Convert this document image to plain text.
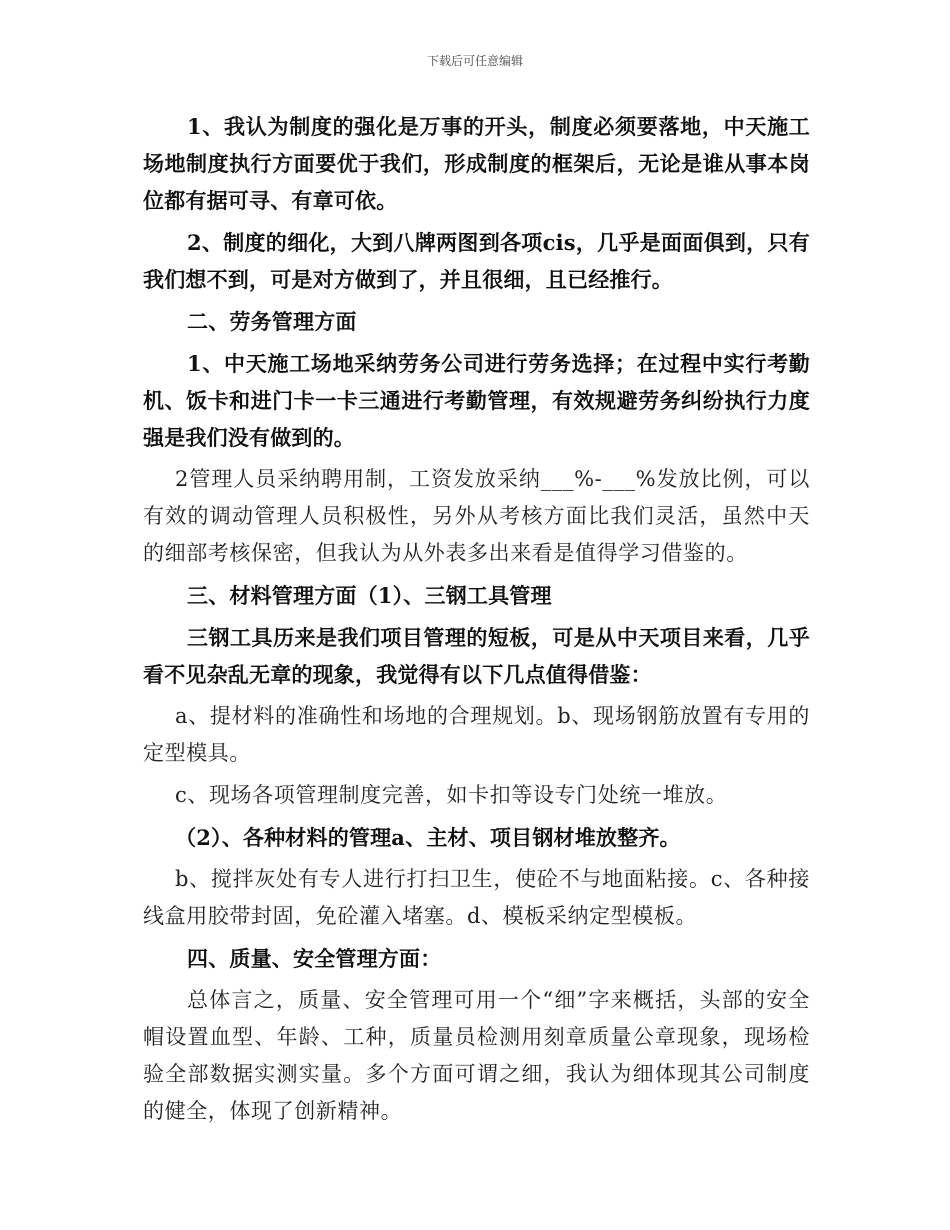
下载后可任意编辑

1、我认为制度的强化是万事的开头，制度必须要落地，中天施工场地制度执行方面要优于我们，形成制度的框架后，无论是谁从事本岗位都有据可寻、有章可依。

2、制度的细化，大到八牌两图到各项cis，几乎是面面俱到，只有我们想不到，可是对方做到了，并且很细，且已经推行。

二、劳务管理方面

1、中天施工场地采纳劳务公司进行劳务选择；在过程中实行考勤机、饭卡和进门卡一卡三通进行考勤管理，有效规避劳务纠纷执行力度强是我们没有做到的。

2管理人员采纳聘用制，工资发放采纳___%-___%发放比例，可以有效的调动管理人员积极性，另外从考核方面比我们灵活，虽然中天的细部考核保密，但我认为从外表多出来看是值得学习借鉴的。

三、材料管理方面（1）、三钢工具管理

三钢工具历来是我们项目管理的短板，可是从中天项目来看，几乎看不见杂乱无章的现象，我觉得有以下几点值得借鉴：

a、提材料的准确性和场地的合理规划。b、现场钢筋放置有专用的定型模具。

c、现场各项管理制度完善，如卡扣等设专门处统一堆放。

（2）、各种材料的管理a、主材、项目钢材堆放整齐。

b、搅拌灰处有专人进行打扫卫生，使砼不与地面粘接。c、各种接线盒用胶带封固，免砼灌入堵塞。d、模板采纳定型模板。

四、质量、安全管理方面：

总体言之，质量、安全管理可用一个“细”字来概括，头部的安全帽设置血型、年龄、工种，质量员检测用刻章质量公章现象，现场检验全部数据实测实量。多个方面可谓之细，我认为细体现其公司制度的健全，体现了创新精神。
